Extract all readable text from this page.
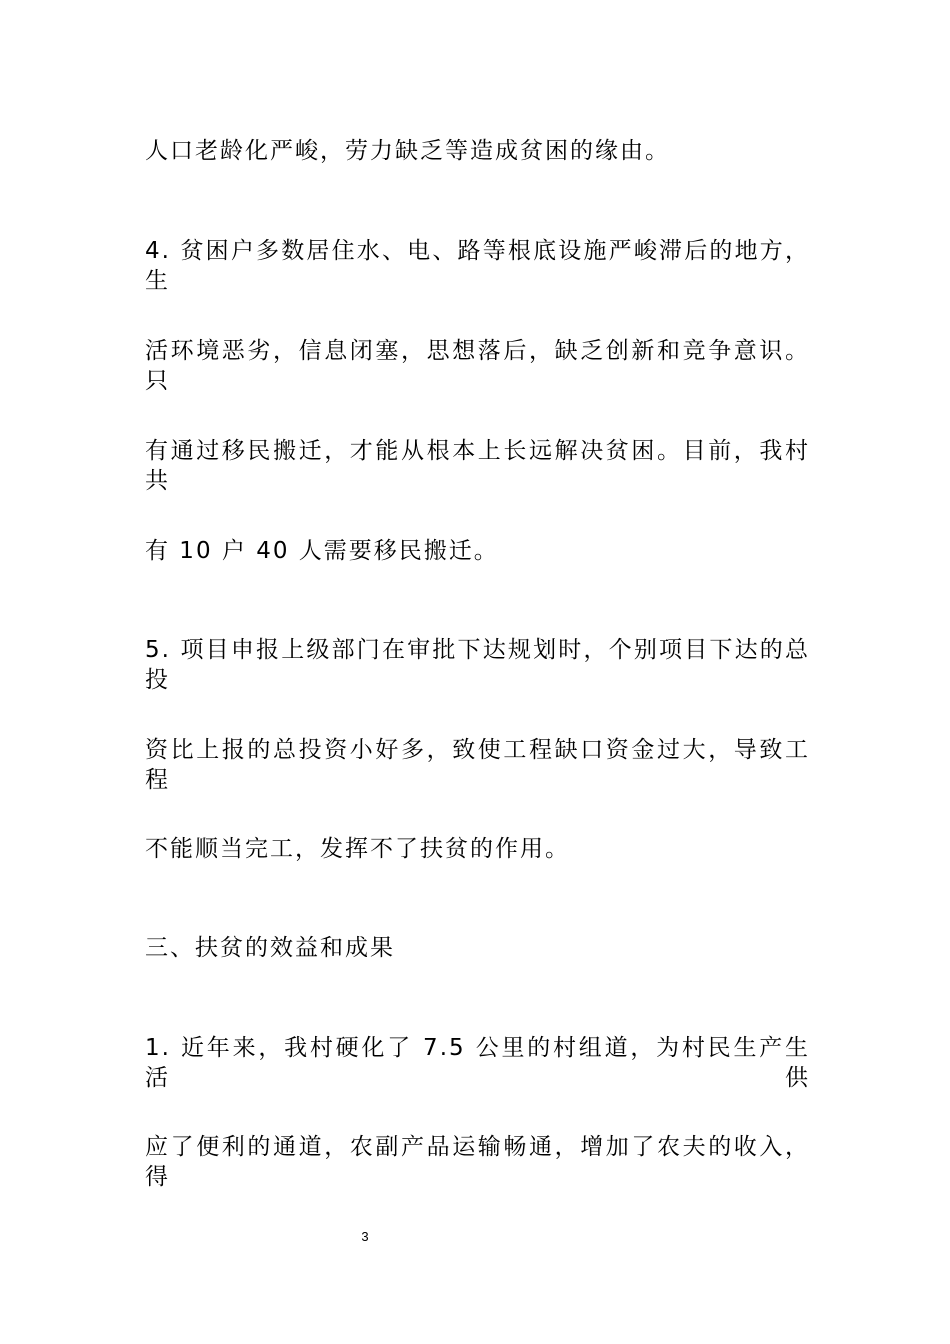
人口老龄化严峻，劳力缺乏等造成贫困的缘由。
4. 贫困户多数居住水、电、路等根底设施严峻滞后的地方，生
活环境恶劣，信息闭塞，思想落后，缺乏创新和竞争意识。只
有通过移民搬迁，才能从根本上长远解决贫困。目前，我村共
有 10 户 40 人需要移民搬迁。
5. 项目申报上级部门在审批下达规划时，个别项目下达的总投
资比上报的总投资小好多，致使工程缺口资金过大，导致工程
不能顺当完工，发挥不了扶贫的作用。
三、扶贫的效益和成果
1. 近年来，我村硬化了 7.5 公里的村组道，为村民生产生活供
应了便利的通道，农副产品运输畅通，增加了农夫的收入，得
3
